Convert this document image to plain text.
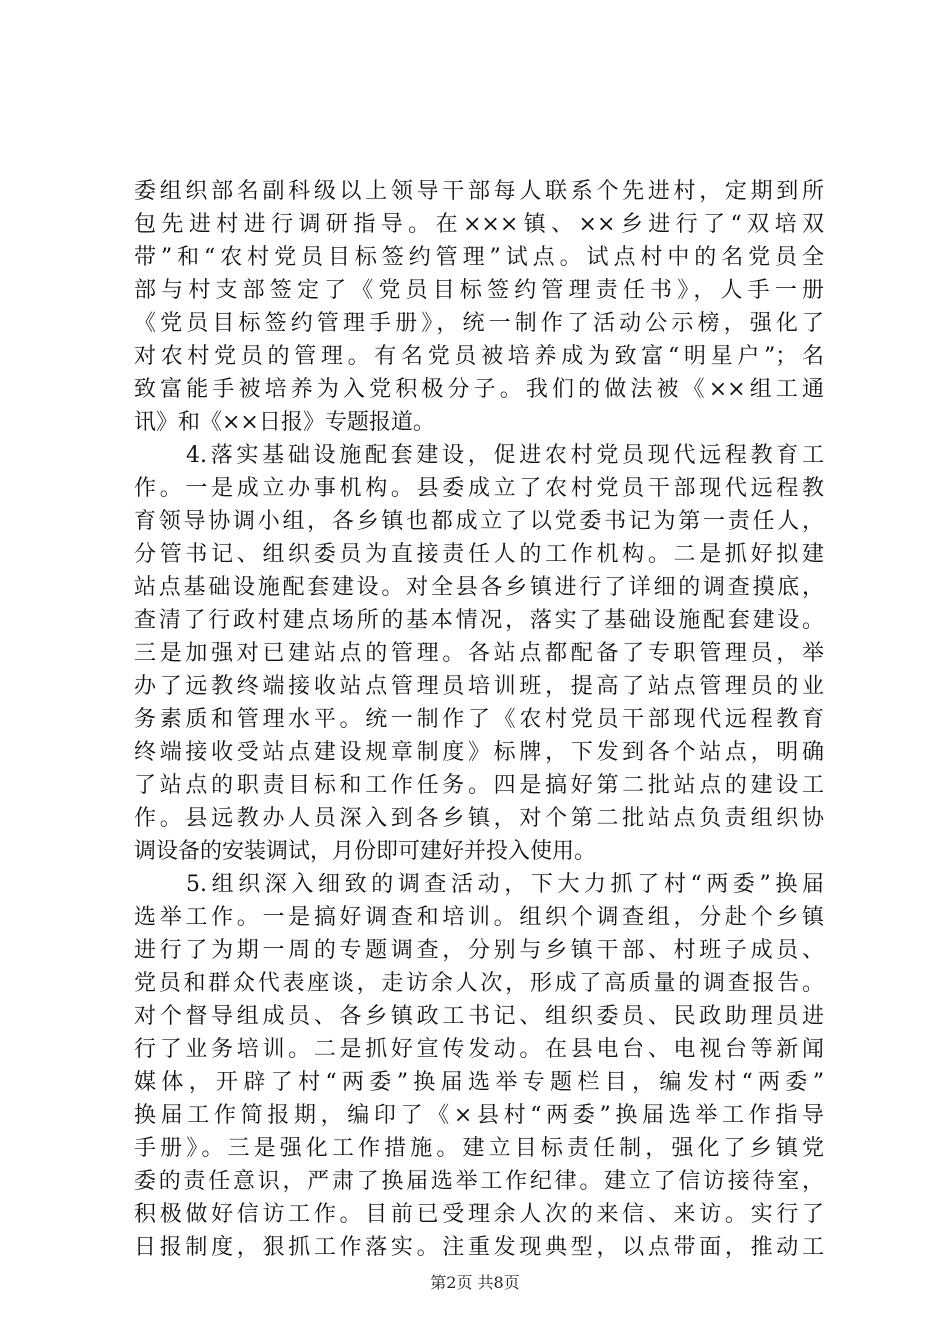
委组织部名副科级以上领导干部每人联系个先进村，定期到所
包先进村进行调研指导。在×××镇、××乡进行了“双培双
带”和“农村党员目标签约管理”试点。试点村中的名党员全
部与村支部签定了《党员目标签约管理责任书》，人手一册
《党员目标签约管理手册》，统一制作了活动公示榜，强化了
对农村党员的管理。有名党员被培养成为致富“明星户”；名
致富能手被培养为入党积极分子。我们的做法被《××组工通
讯》和《××日报》专题报道。
4.落实基础设施配套建设，促进农村党员现代远程教育工
作。一是成立办事机构。县委成立了农村党员干部现代远程教
育领导协调小组，各乡镇也都成立了以党委书记为第一责任人，
分管书记、组织委员为直接责任人的工作机构。二是抓好拟建
站点基础设施配套建设。对全县各乡镇进行了详细的调查摸底，
查清了行政村建点场所的基本情况，落实了基础设施配套建设。
三是加强对已建站点的管理。各站点都配备了专职管理员，举
办了远教终端接收站点管理员培训班，提高了站点管理员的业
务素质和管理水平。统一制作了《农村党员干部现代远程教育
终端接收受站点建设规章制度》标牌，下发到各个站点，明确
了站点的职责目标和工作任务。四是搞好第二批站点的建设工
作。县远教办人员深入到各乡镇，对个第二批站点负责组织协
调设备的安装调试，月份即可建好并投入使用。
5.组织深入细致的调查活动，下大力抓了村“两委”换届
选举工作。一是搞好调查和培训。组织个调查组，分赴个乡镇
进行了为期一周的专题调查，分别与乡镇干部、村班子成员、
党员和群众代表座谈，走访余人次，形成了高质量的调查报告。
对个督导组成员、各乡镇政工书记、组织委员、民政助理员进
行了业务培训。二是抓好宣传发动。在县电台、电视台等新闻
媒体，开辟了村“两委”换届选举专题栏目，编发村“两委”
换届工作简报期，编印了《×县村“两委”换届选举工作指导
手册》。三是强化工作措施。建立目标责任制，强化了乡镇党
委的责任意识，严肃了换届选举工作纪律。建立了信访接待室，
积极做好信访工作。目前已受理余人次的来信、来访。实行了
日报制度，狠抓工作落实。注重发现典型，以点带面，推动工
第2页 共8页
